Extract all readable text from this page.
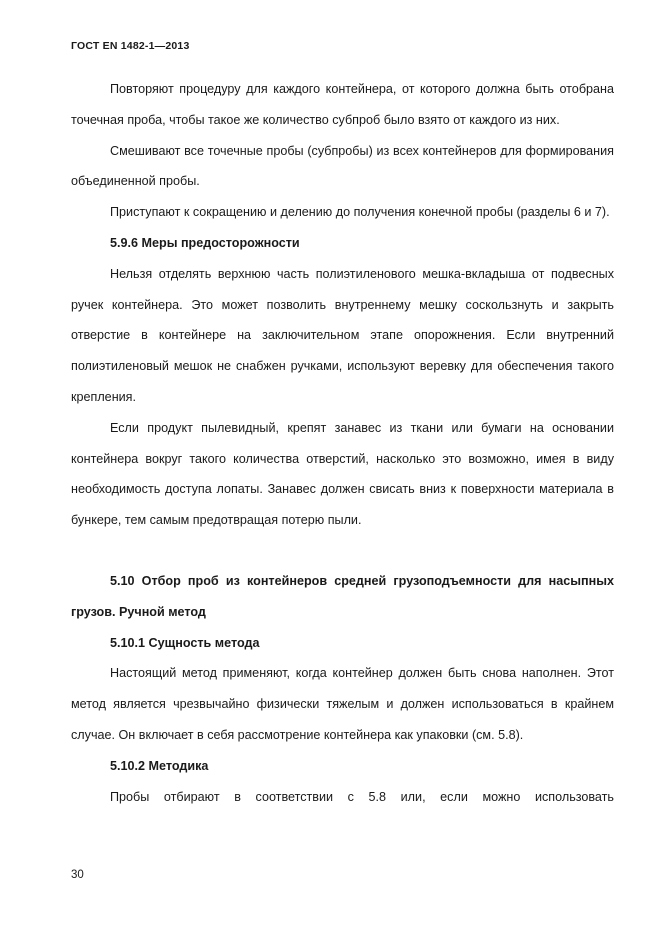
ГОСТ EN 1482-1—2013

Повторяют процедуру для каждого контейнера, от которого должна быть отобрана точечная проба, чтобы такое же количество субпроб было взято от каждого из них.

Смешивают все точечные пробы (субпробы) из всех контейнеров для формирования объединенной пробы.

Приступают к сокращению и делению до получения конечной пробы (разделы 6 и 7).

5.9.6 Меры предосторожности

Нельзя отделять верхнюю часть полиэтиленового мешка-вкладыша от подвесных ручек контейнера. Это может позволить внутреннему мешку соскользнуть и закрыть отверстие в контейнере на заключительном этапе опорожнения. Если внутренний полиэтиленовый мешок не снабжен ручками, используют веревку для обеспечения такого крепления.

Если продукт пылевидный, крепят занавес из ткани или бумаги на основании контейнера вокруг такого количества отверстий, насколько это возможно, имея в виду необходимость доступа лопаты. Занавес должен свисать вниз к поверхности материала в бункере, тем самым предотвращая потерю пыли.

5.10 Отбор проб из контейнеров средней грузоподъемности для насыпных грузов. Ручной метод

5.10.1 Сущность метода

Настоящий метод применяют, когда контейнер должен быть снова наполнен. Этот метод является чрезвычайно физически тяжелым и должен использоваться в крайнем случае. Он включает в себя рассмотрение контейнера как упаковки (см. 5.8).

5.10.2 Методика

Пробы отбирают в соответствии с 5.8 или, если можно использовать

30
